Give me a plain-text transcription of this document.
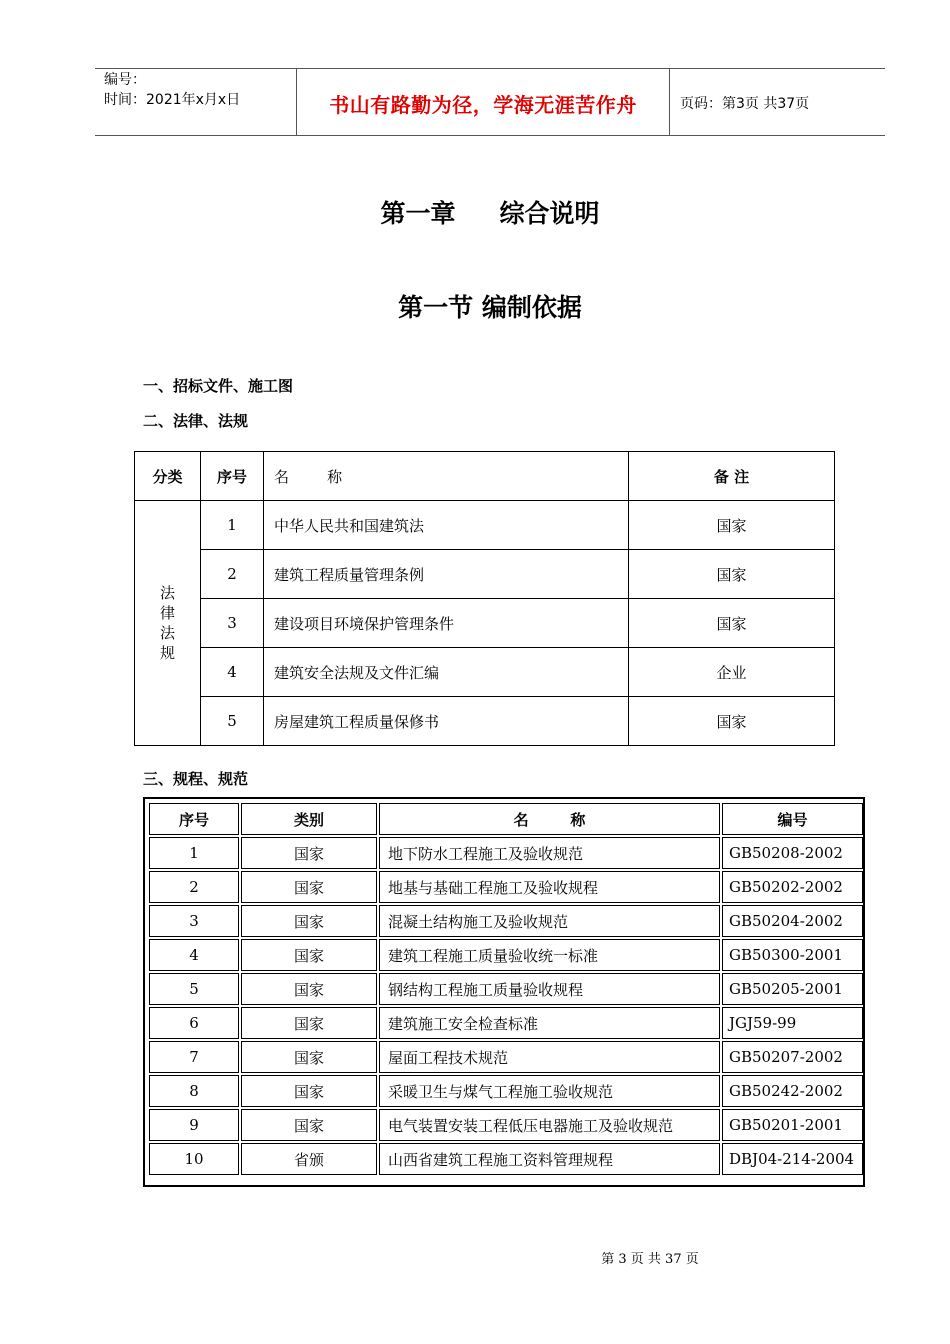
编号：
时间：2021年x月x日	书山有路勤为径，学海无涯苦作舟	页码：第3页 共37页
第一章 综合说明
第一节 编制依据
一、招标文件、施工图
二、法律、法规
分类	序号	名        称	备 注

法
律
法
规	1	中华人民共和国建筑法	国家
	2	建筑工程质量管理条例	国家
	3	建设项目环境保护管理条件	国家
	4	建筑安全法规及文件汇编	企业
	5	房屋建筑工程质量保修书	国家
三、规程、规范
序号	类别	名        称	编号
1	国家	地下防水工程施工及验收规范	GB50208-2002
2	国家	地基与基础工程施工及验收规程	GB50202-2002
3	国家	混凝土结构施工及验收规范	GB50204-2002
4	国家	建筑工程施工质量验收统一标准	GB50300-2001
5	国家	钢结构工程施工质量验收规程	GB50205-2001
6	国家	建筑施工安全检查标准	JGJ59-99
7	国家	屋面工程技术规范	GB50207-2002
8	国家	采暖卫生与煤气工程施工验收规范	GB50242-2002
9	国家	电气装置安装工程低压电器施工及验收规范	GB50201-2001
10	省颁	山西省建筑工程施工资料管理规程	DBJ04-214-2004
第 3 页 共 37 页
